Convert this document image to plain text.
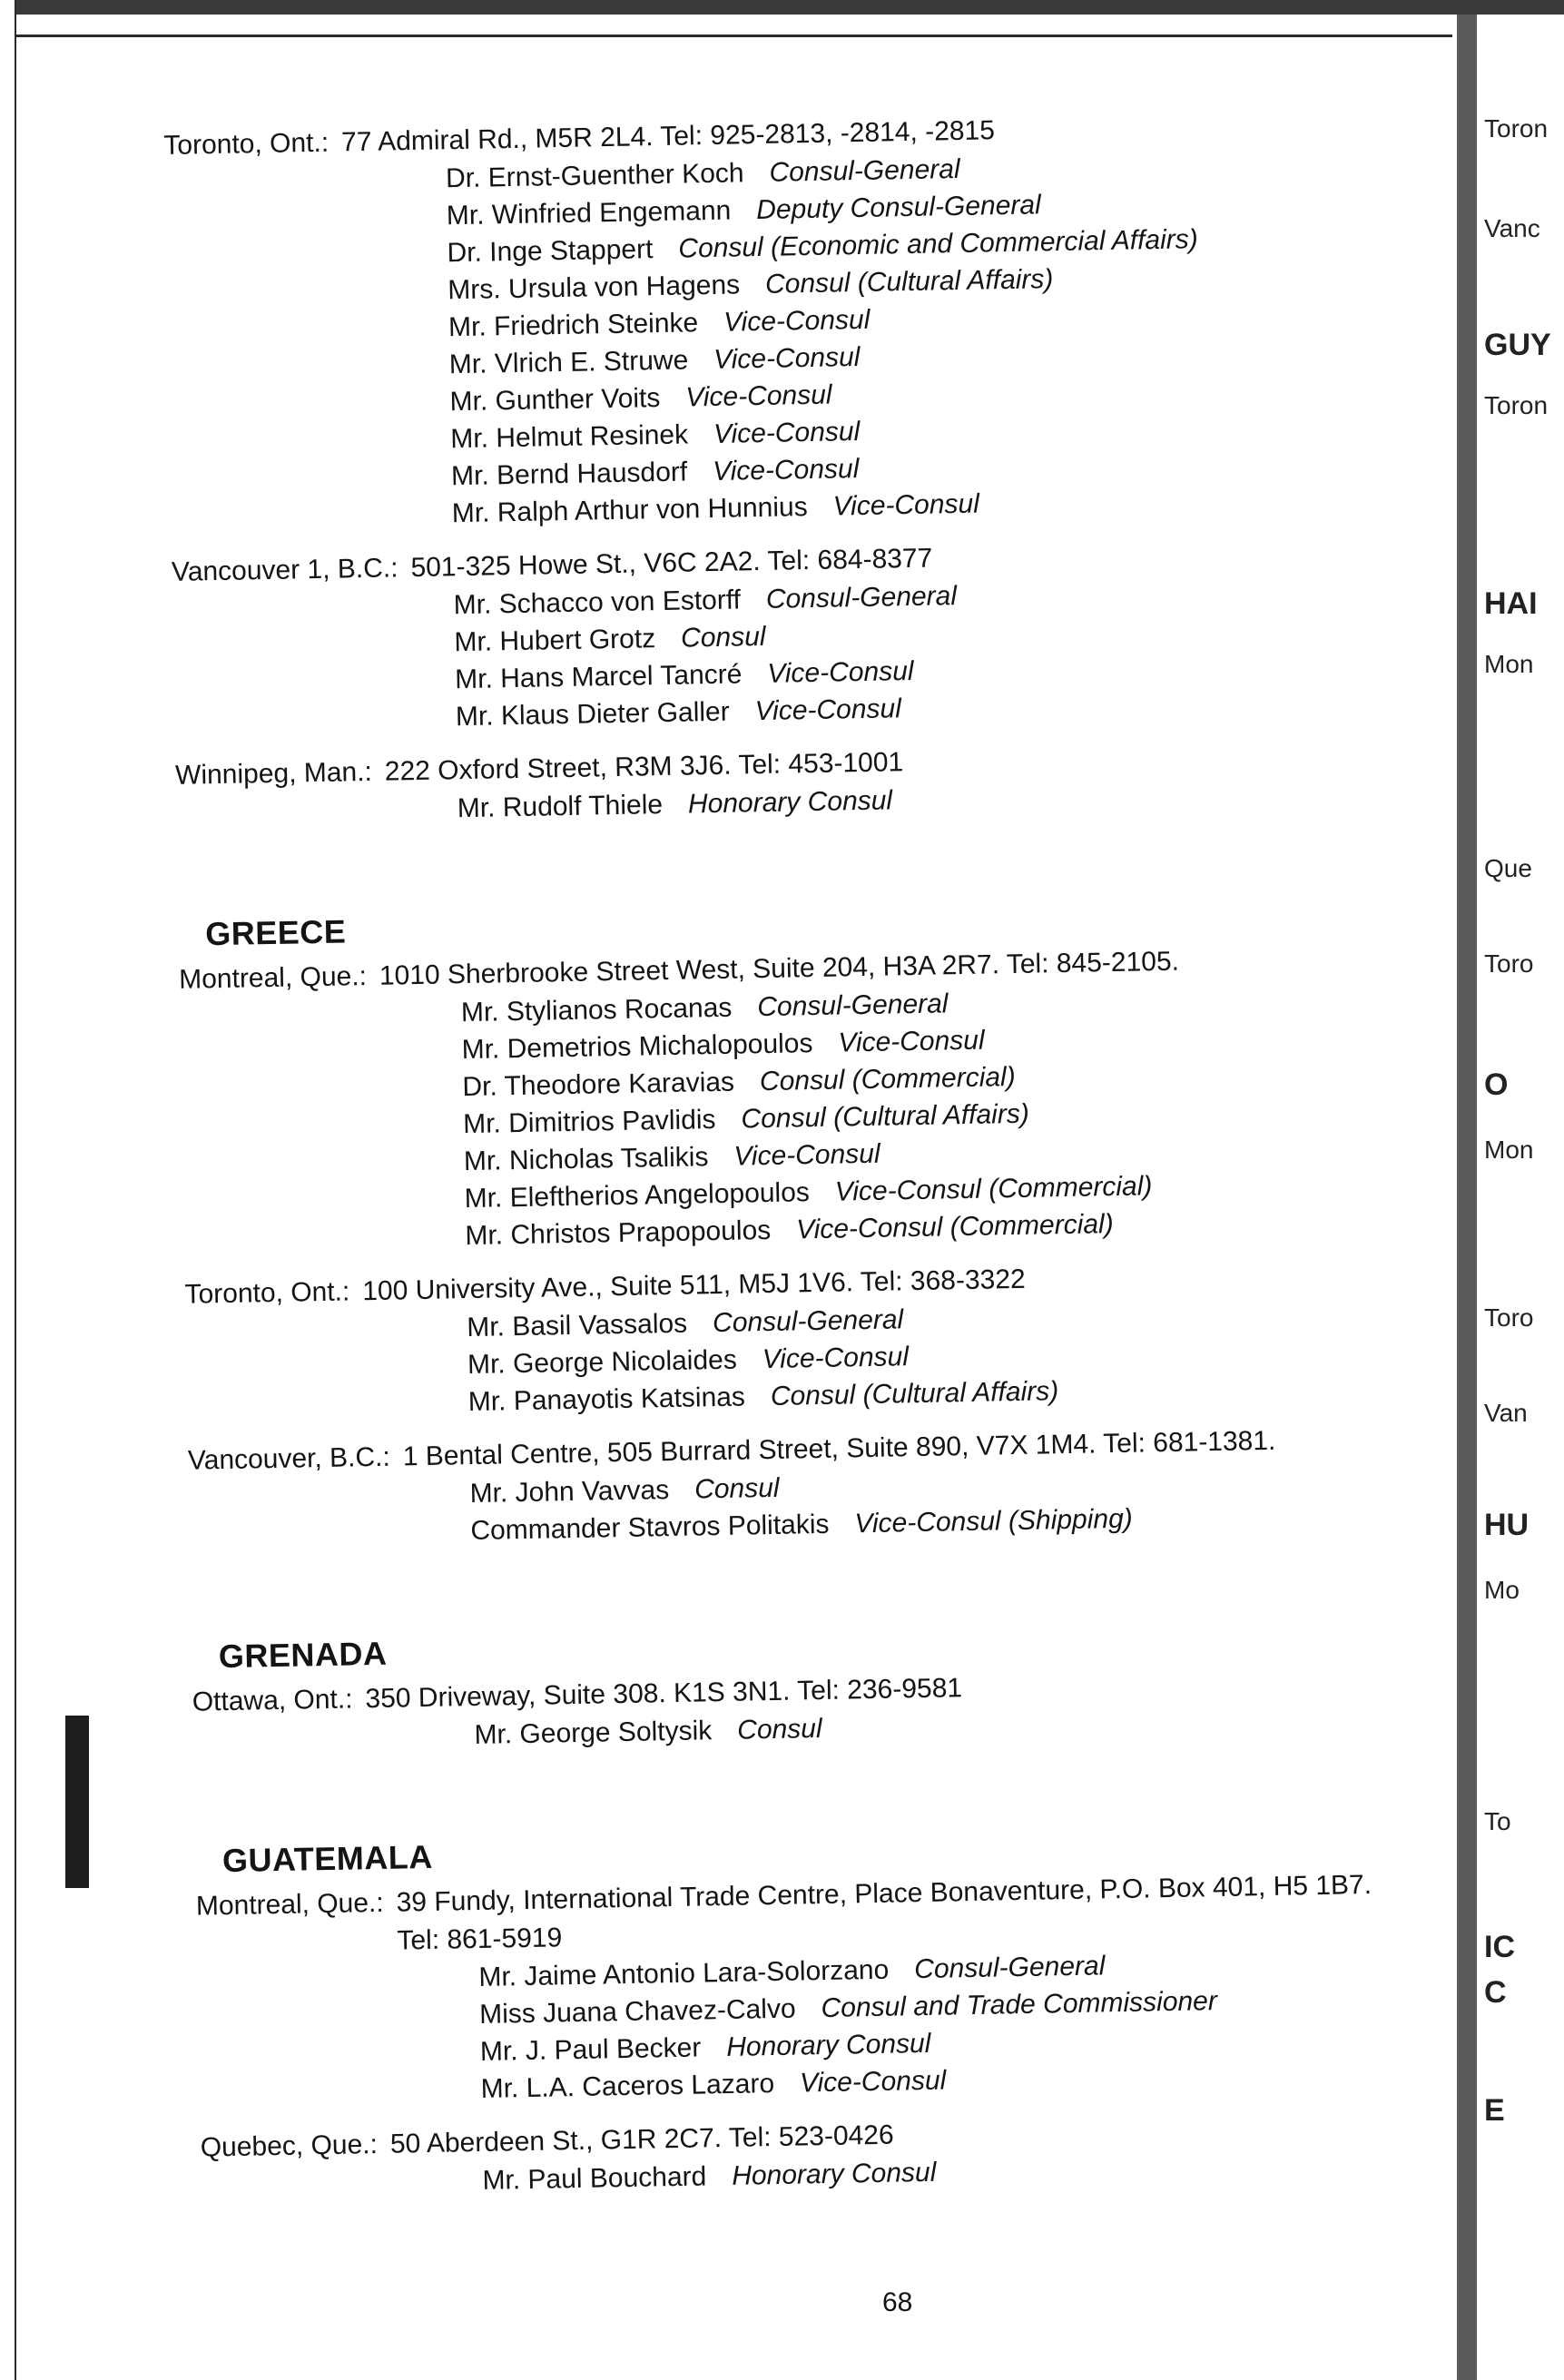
Toron
Vanc
GUY
Toron
HAI
Mon
Que
Toro
O
Mon
Toro
Van
HU
Mo
To
IC
C
E
Toronto, Ont.: 77 Admiral Rd., M5R 2L4. Tel: 925-2813, -2814, -2815
Dr. Ernst-Guenther Koch Consul-General
Mr. Winfried Engemann Deputy Consul-General
Dr. Inge Stappert Consul (Economic and Commercial Affairs)
Mrs. Ursula von Hagens Consul (Cultural Affairs)
Mr. Friedrich Steinke Vice-Consul
Mr. Vlrich E. Struwe Vice-Consul
Mr. Gunther Voits Vice-Consul
Mr. Helmut Resinek Vice-Consul
Mr. Bernd Hausdorf Vice-Consul
Mr. Ralph Arthur von Hunnius Vice-Consul
Vancouver 1, B.C.: 501-325 Howe St., V6C 2A2. Tel: 684-8377
Mr. Schacco von Estorff Consul-General
Mr. Hubert Grotz Consul
Mr. Hans Marcel Tancré Vice-Consul
Mr. Klaus Dieter Galler Vice-Consul
Winnipeg, Man.: 222 Oxford Street, R3M 3J6. Tel: 453-1001
Mr. Rudolf Thiele Honorary Consul
GREECE
Montreal, Que.: 1010 Sherbrooke Street West, Suite 204, H3A 2R7. Tel: 845-2105.
Mr. Stylianos Rocanas Consul-General
Mr. Demetrios Michalopoulos Vice-Consul
Dr. Theodore Karavias Consul (Commercial)
Mr. Dimitrios Pavlidis Consul (Cultural Affairs)
Mr. Nicholas Tsalikis Vice-Consul
Mr. Eleftherios Angelopoulos Vice-Consul (Commercial)
Mr. Christos Prapopoulos Vice-Consul (Commercial)
Toronto, Ont.: 100 University Ave., Suite 511, M5J 1V6. Tel: 368-3322
Mr. Basil Vassalos Consul-General
Mr. George Nicolaides Vice-Consul
Mr. Panayotis Katsinas Consul (Cultural Affairs)
Vancouver, B.C.: 1 Bental Centre, 505 Burrard Street, Suite 890, V7X 1M4. Tel: 681-1381.
Mr. John Vavvas Consul
Commander Stavros Politakis Vice-Consul (Shipping)
GRENADA
Ottawa, Ont.: 350 Driveway, Suite 308. K1S 3N1. Tel: 236-9581
Mr. George Soltysik Consul
GUATEMALA
Montreal, Que.: 39 Fundy, International Trade Centre, Place Bonaventure, P.O. Box 401, H5 1B7. Tel: 861-5919
Mr. Jaime Antonio Lara-Solorzano Consul-General
Miss Juana Chavez-Calvo Consul and Trade Commissioner
Mr. J. Paul Becker Honorary Consul
Mr. L.A. Caceros Lazaro Vice-Consul
Quebec, Que.: 50 Aberdeen St., G1R 2C7. Tel: 523-0426
Mr. Paul Bouchard Honorary Consul
68
